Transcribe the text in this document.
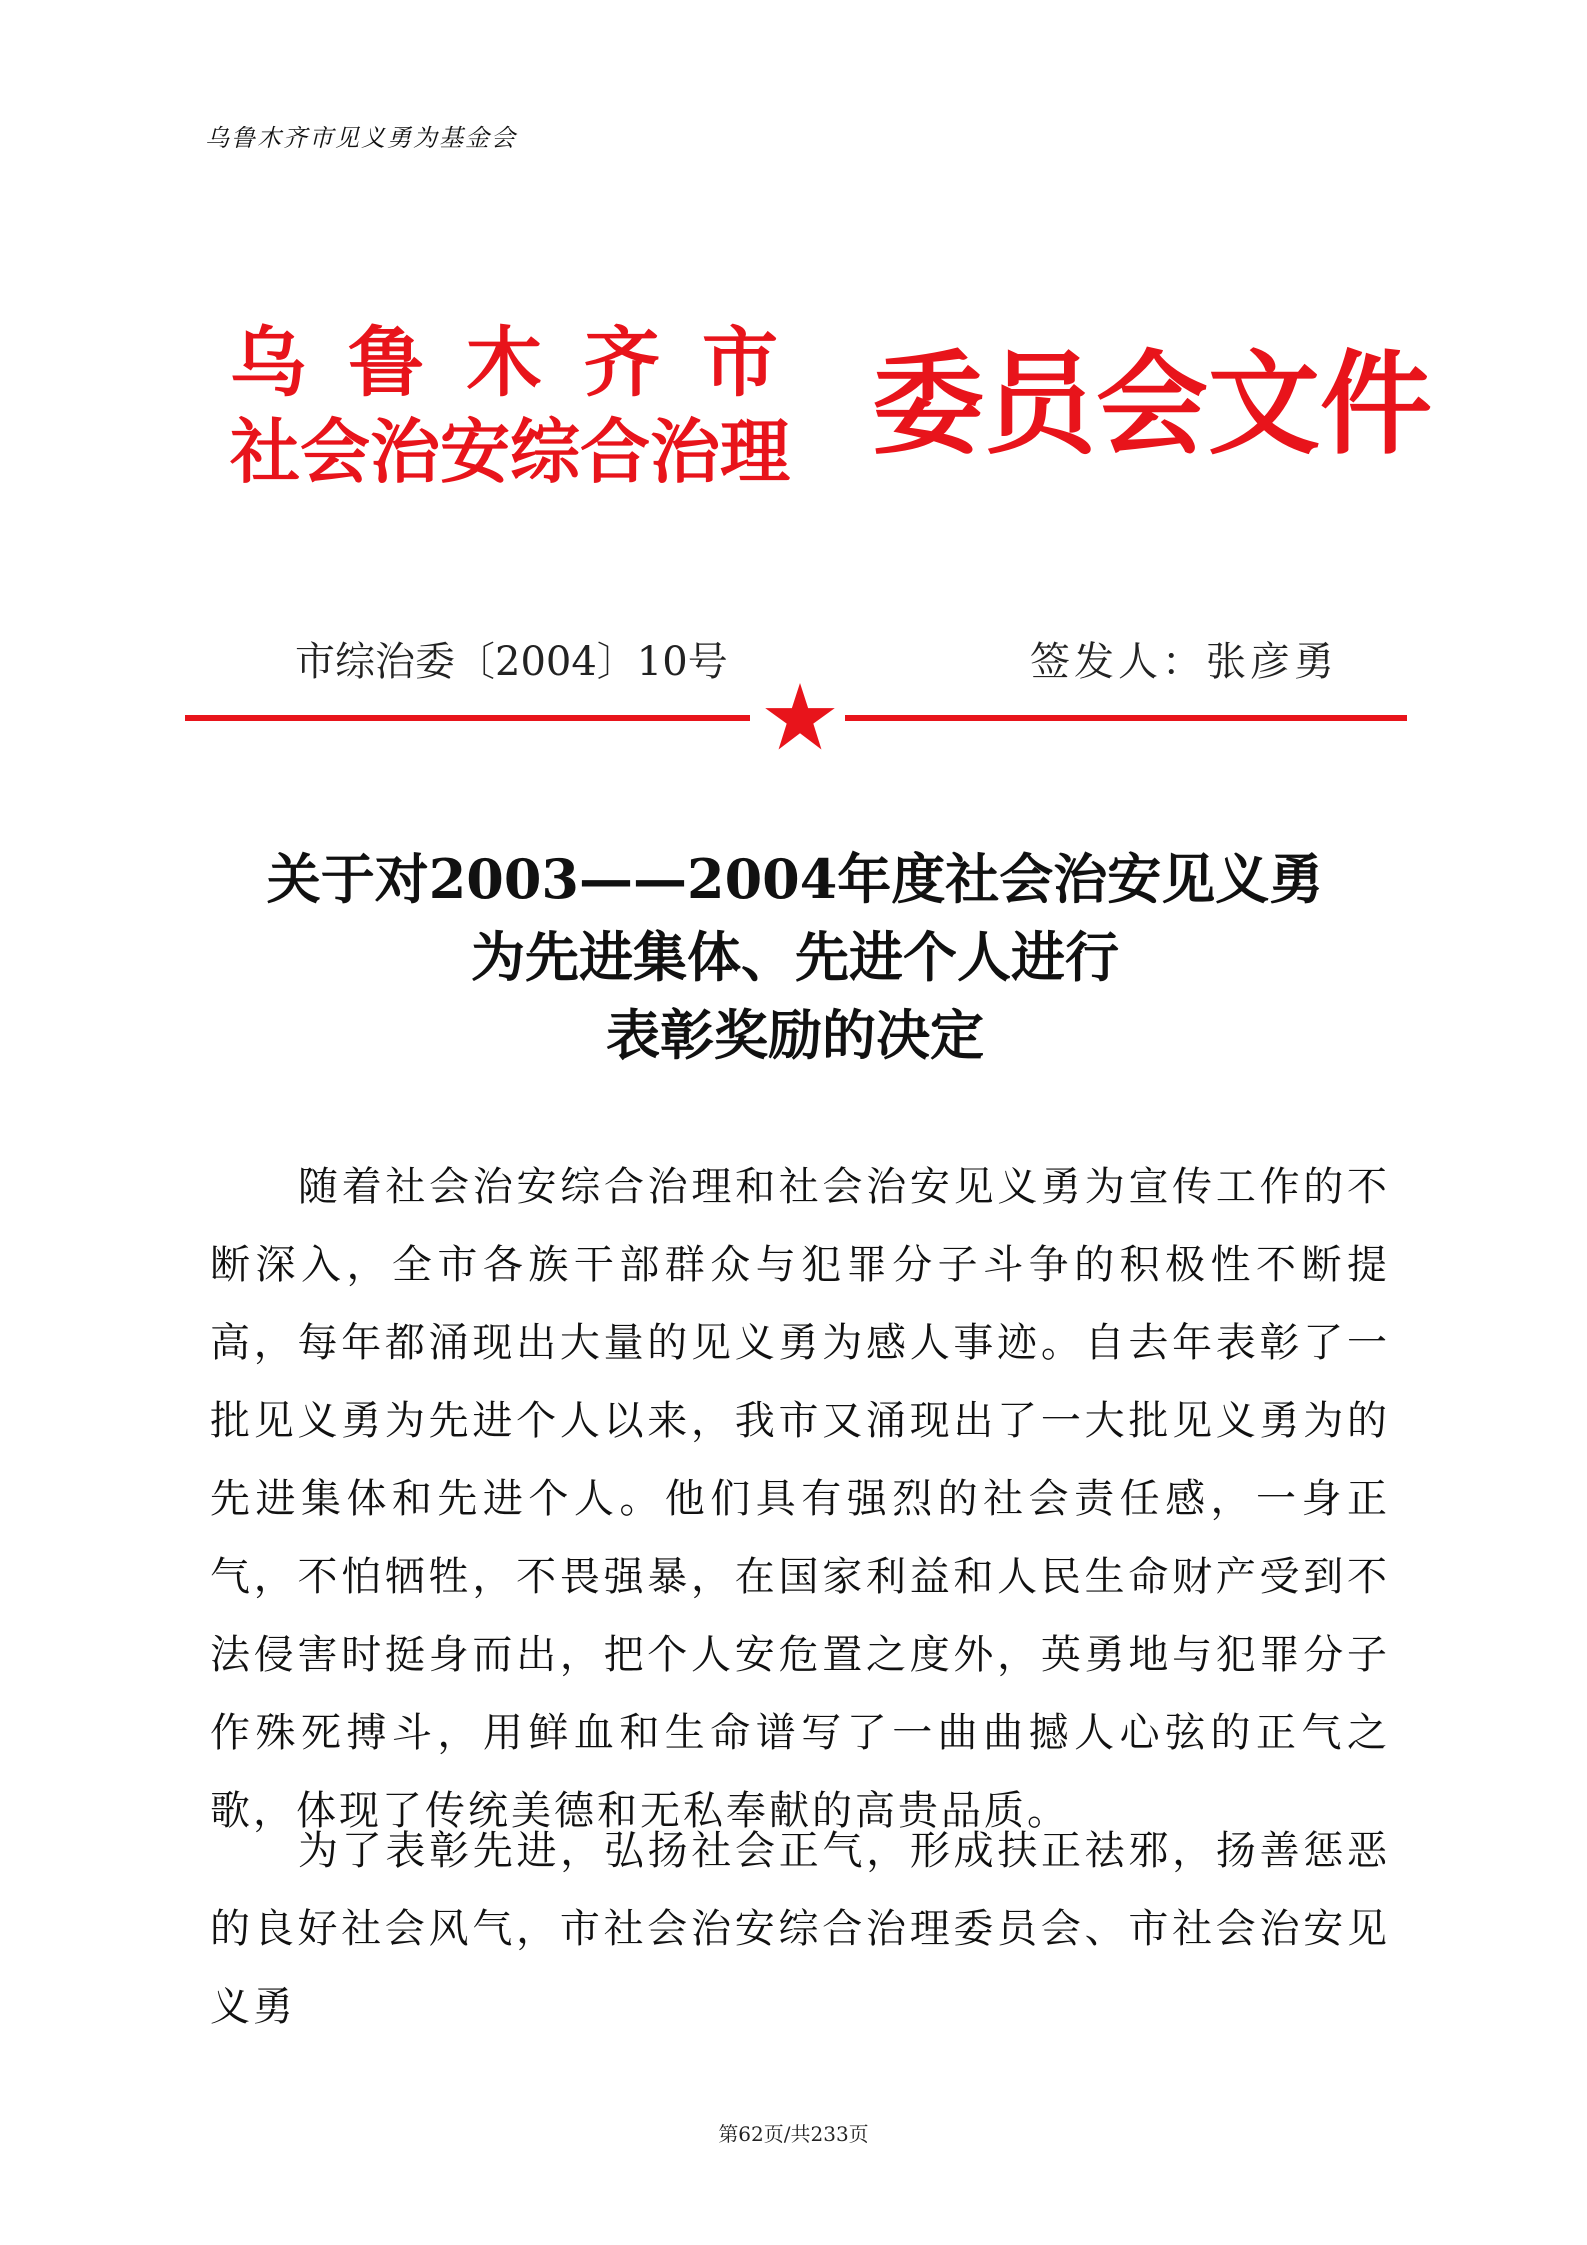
乌鲁木齐市见义勇为基金会
乌鲁木齐市
社会治安综合治理 委员会文件
市综治委〔2004〕10号	签发人：张彦勇
关于对2003——2004年度社会治安见义勇
为先进集体、先进个人进行
表彰奖励的决定
随着社会治安综合治理和社会治安见义勇为宣传工作的不断深入，全市各族干部群众与犯罪分子斗争的积极性不断提高，每年都涌现出大量的见义勇为感人事迹。自去年表彰了一批见义勇为先进个人以来，我市又涌现出了一大批见义勇为的先进集体和先进个人。他们具有强烈的社会责任感，一身正气，不怕牺牲，不畏强暴，在国家利益和人民生命财产受到不法侵害时挺身而出，把个人安危置之度外，英勇地与犯罪分子作殊死搏斗，用鲜血和生命谱写了一曲曲撼人心弦的正气之歌，体现了传统美德和无私奉献的高贵品质。
为了表彰先进，弘扬社会正气，形成扶正祛邪，扬善惩恶的良好社会风气，市社会治安综合治理委员会、市社会治安见义勇
第62页/共233页
